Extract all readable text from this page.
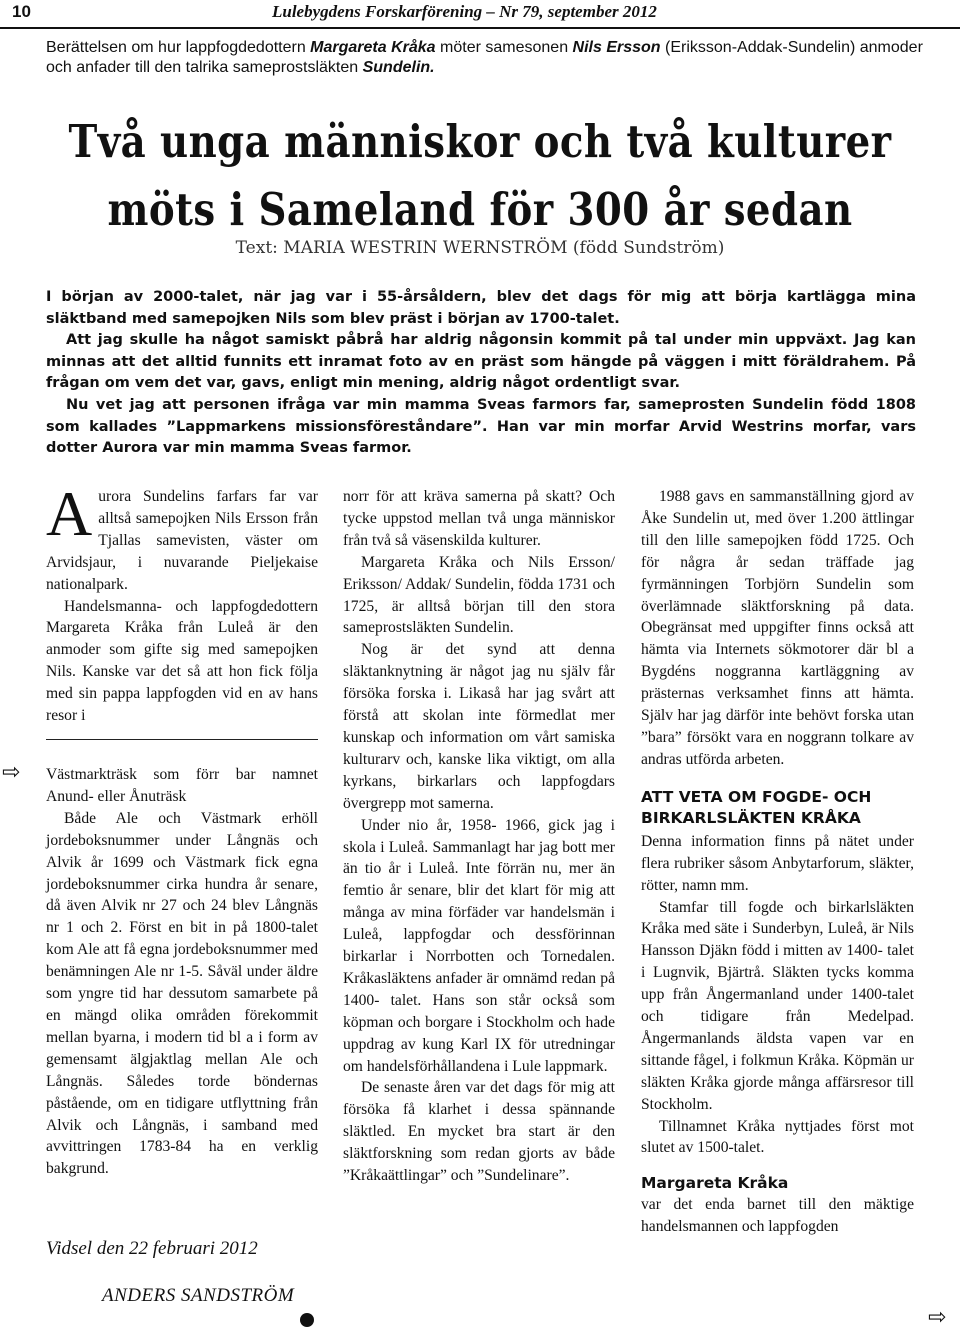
10	Lulebygdens Forskarförening – Nr 79, september 2012
Berättelsen om hur lappfogdedottern Margareta Kråka möter samesonen Nils Ersson (Eriksson-Addak-Sundelin) anmoder och anfader till den talrika sameprostsläkten Sundelin.
Två unga människor och två kulturer
möts i Sameland för 300 år sedan
Text: MARIA WESTRIN WERNSTRÖM (född Sundström)

I början av 2000-talet, när jag var i 55-årsåldern, blev det dags för mig att börja kartlägga mina släktband med samepojken Nils som blev präst i början av 1700-talet.

Att jag skulle ha något samiskt påbrå har aldrig någonsin kommit på tal under min uppväxt. Jag kan minnas att det alltid funnits ett inramat foto av en präst som hängde på väggen i mitt föräldrahem. På frågan om vem det var, gavs, enligt min mening, aldrig något ordentligt svar.

Nu vet jag att personen ifråga var min mamma Sveas farmors far, sameprosten Sundelin född 1808 som kallades ”Lappmarkens missionsföreståndare”. Han var min morfar Arvid Westrins morfar, vars dotter Aurora var min mamma Sveas farmor.

Aurora Sundelins farfars far var alltså samepojken Nils Ersson från Tjallas samevisten, väster om Arvidsjaur, i nuvarande Pieljekaise nationalpark.

Handelsmanna- och lappfogdedottern Margareta Kråka från Luleå är den anmoder som gifte sig med samepojken Nils. Kanske var det så att hon fick följa med sin pappa lappfogden vid en av hans resor i

⇨ Västmarkträsk som förr bar namnet Anund- eller Ånuträsk

Både Ale och Västmark erhöll jordeboksnummer under Långnäs och Alvik år 1699 och Västmark fick egna jordeboksnummer cirka hundra år senare, då även Alvik nr 27 och 24 blev Långnäs nr 1 och 2. Först en bit in på 1800-talet kom Ale att få egna jordeboksnummer med benämningen Ale nr 1-5. Såväl under äldre som yngre tid har dessutom samarbete på en mängd olika områden förekommit mellan byarna, i modern tid bl a i form av gemensamt älgjaktlag mellan Ale och Långnäs. Således torde böndernas påstående, om en tidigare utflyttning från Alvik och Långnäs, i samband med avvittringen 1783-84 ha en verklig bakgrund.

Vidsel den 22 februari 2012
ANDERS SANDSTRÖM

norr för att kräva samerna på skatt? Och tycke uppstod mellan två unga människor från två så väsenskilda kulturer.

Margareta Kråka och Nils Ersson/ Eriksson/ Addak/ Sundelin, födda 1731 och 1725, är alltså början till den stora sameprostsläkten Sundelin.

Nog är det synd att denna släktanknytning är något jag nu själv får försöka forska i. Likaså har jag svårt att förstå att skolan inte förmedlat mer kunskap och information om vårt samiska kulturarv och, kanske lika viktigt, om alla kyrkans, birkarlars och lappfogdars övergrepp mot samerna.

Under nio år, 1958- 1966, gick jag i skola i Luleå. Sammanlagt har jag bott mer än tio år i Luleå. Inte förrän nu, mer än femtio år senare, blir det klart för mig att många av mina förfäder var handelsmän i Luleå, lappfogdar och dessförinnan birkarlar i Norrbotten och Tornedalen. Kråkasläktens anfader är omnämd redan på 1400- talet. Hans son står också som köpman och borgare i Stockholm och hade uppdrag av kung Karl IX för utredningar om handelsförhållandena i Lule lappmark.

De senaste åren var det dags för mig att försöka få klarhet i dessa spännande släktled. En mycket bra start är den släktforskning som redan gjorts av både ”Kråkaättlingar” och ”Sundelinare”.

1988 gavs en sammanställning gjord av Åke Sundelin ut, med över 1.200 ättlingar till den lille samepojken född 1725. Och för några år sedan träffade jag fyrmänningen Torbjörn Sundelin som överlämnade släktforskning på data. Obegränsat med uppgifter finns också att hämta via Internets sökmotorer där bl a Bygdéns noggranna kartläggning av prästernas verksamhet finns att hämta. Själv har jag därför inte behövt forska utan ”bara” försökt vara en noggrann tolkare av andras utförda arbeten.

ATT VETA OM FOGDE- OCH BIRKARLSLÄKTEN KRÅKA

Denna information finns på nätet under flera rubriker såsom Anbytarforum, släkter, rötter, namn mm.

Stamfar till fogde och birkarlsläkten Kråka med säte i Sunderbyn, Luleå, är Nils Hansson Djäkn född i mitten av 1400- talet i Lugnvik, Bjärtrå. Släkten tycks komma upp från Ångermanland under 1400-talet och tidigare från Medelpad. Ångermanlands äldsta vapen var en sittande fågel, i folkmun Kråka. Köpmän ur släkten Kråka gjorde många affärsresor till Stockholm.

Tillnamnet Kråka nyttjades först mot slutet av 1500-talet.

Margareta Kråka

var det enda barnet till den mäktige handelsmannen och lappfogden

⇨
